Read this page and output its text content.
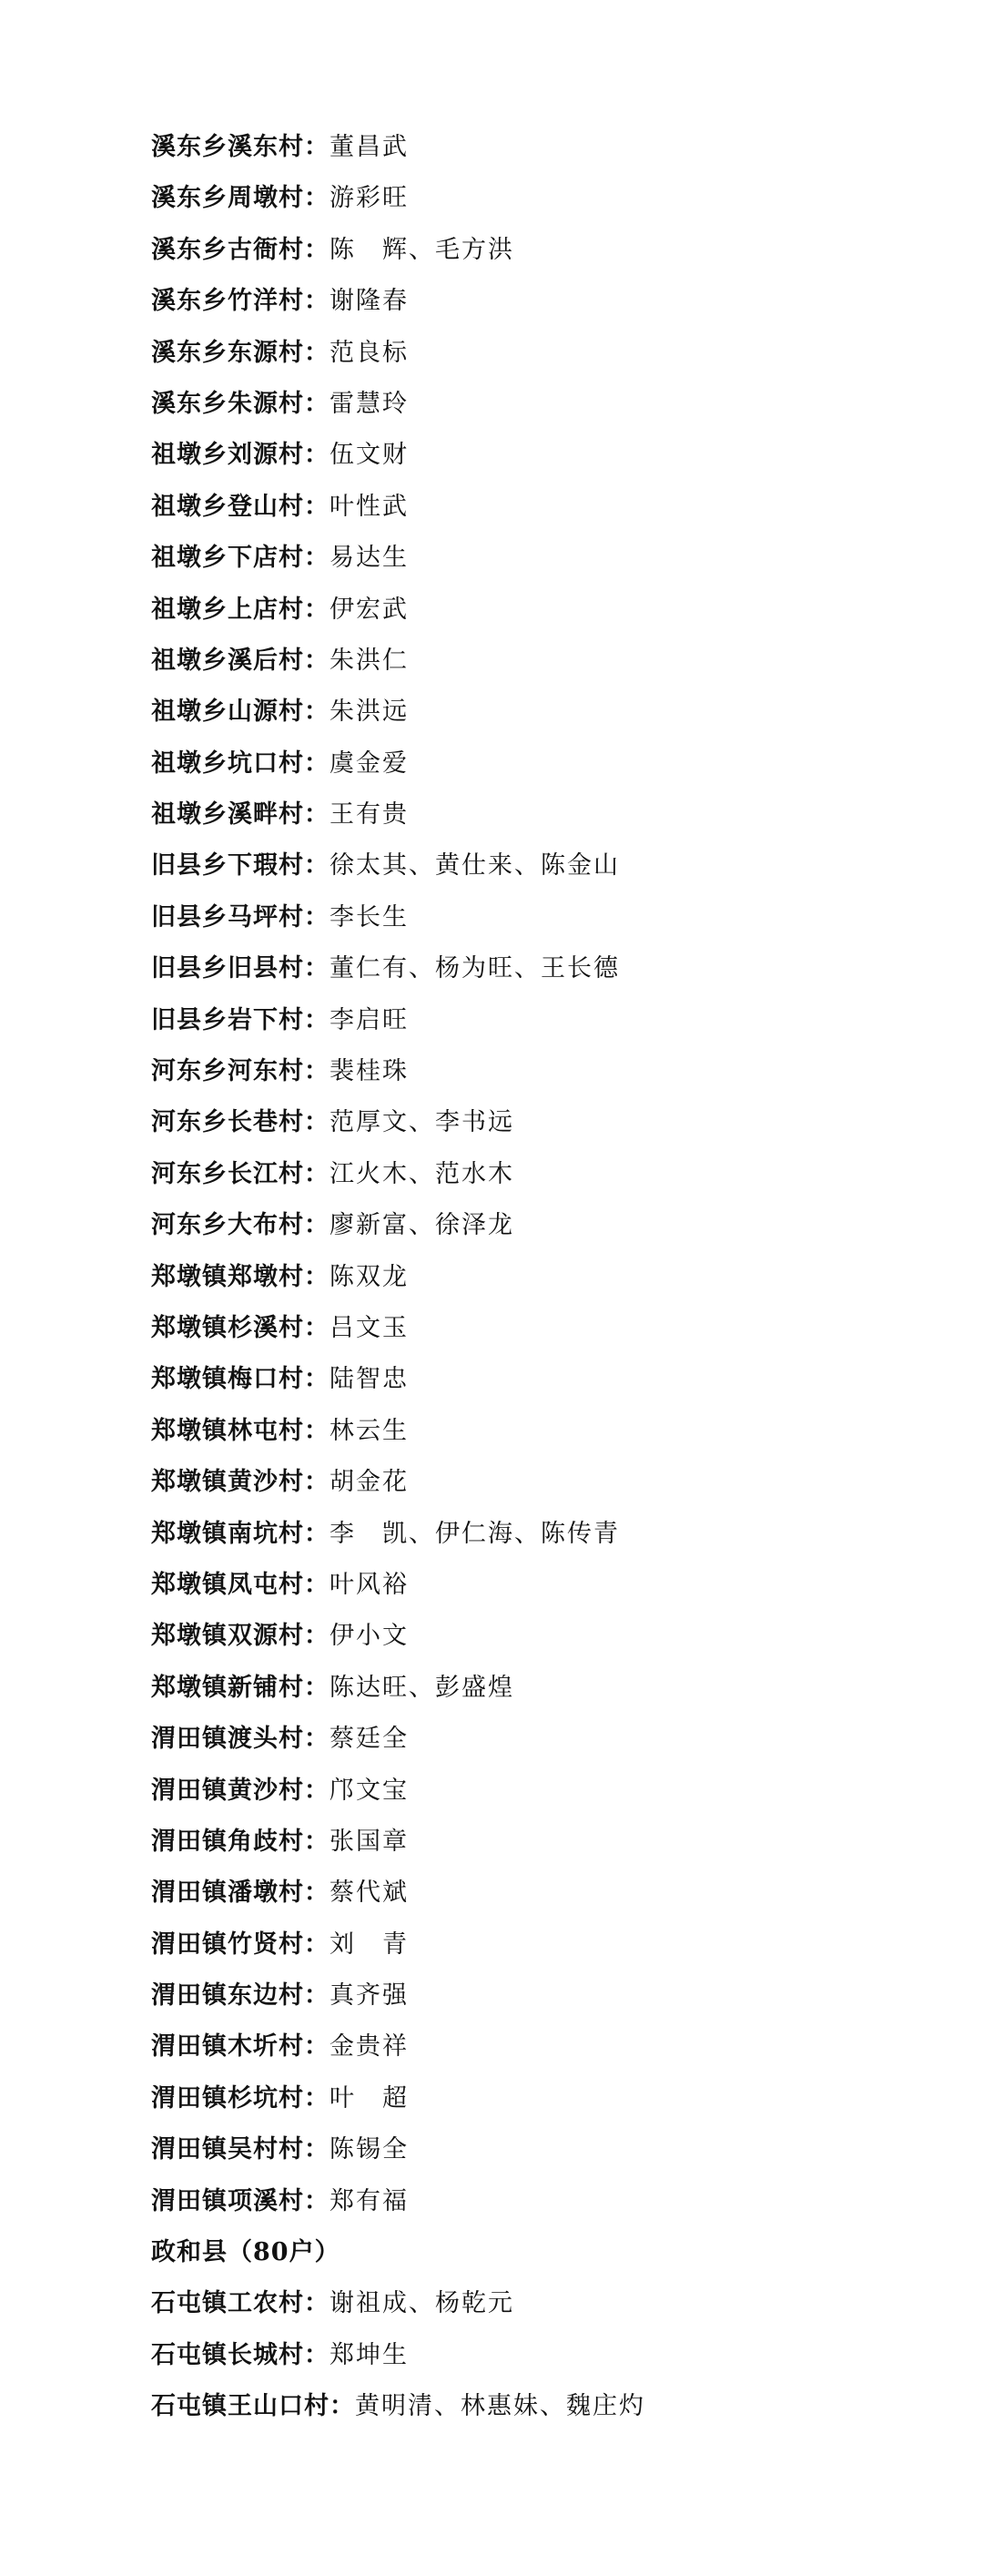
溪东乡溪东村：董昌武
溪东乡周墩村：游彩旺
溪东乡古衙村：陈　辉、毛方洪
溪东乡竹洋村：谢隆春
溪东乡东源村：范良标
溪东乡朱源村：雷慧玲
祖墩乡刘源村：伍文财
祖墩乡登山村：叶性武
祖墩乡下店村：易达生
祖墩乡上店村：伊宏武
祖墩乡溪后村：朱洪仁
祖墩乡山源村：朱洪远
祖墩乡坑口村：虞金爱
祖墩乡溪畔村：王有贵
旧县乡下瑕村：徐太其、黄仕来、陈金山
旧县乡马坪村：李长生
旧县乡旧县村：董仁有、杨为旺、王长德
旧县乡岩下村：李启旺
河东乡河东村：裴桂珠
河东乡长巷村：范厚文、李书远
河东乡长江村：江火木、范水木
河东乡大布村：廖新富、徐泽龙
郑墩镇郑墩村：陈双龙
郑墩镇杉溪村：吕文玉
郑墩镇梅口村：陆智忠
郑墩镇林屯村：林云生
郑墩镇黄沙村：胡金花
郑墩镇南坑村：李　凯、伊仁海、陈传青
郑墩镇凤屯村：叶风裕
郑墩镇双源村：伊小文
郑墩镇新铺村：陈达旺、彭盛煌
渭田镇渡头村：蔡廷全
渭田镇黄沙村：邝文宝
渭田镇角歧村：张国章
渭田镇潘墩村：蔡代斌
渭田镇竹贤村：刘　青
渭田镇东边村：真齐强
渭田镇木圻村：金贵祥
渭田镇杉坑村：叶　超
渭田镇吴村村：陈锡全
渭田镇项溪村：郑有福
政和县（80户）
石屯镇工农村：谢祖成、杨乾元
石屯镇长城村：郑坤生
石屯镇王山口村：黄明清、林惠妹、魏庄灼
